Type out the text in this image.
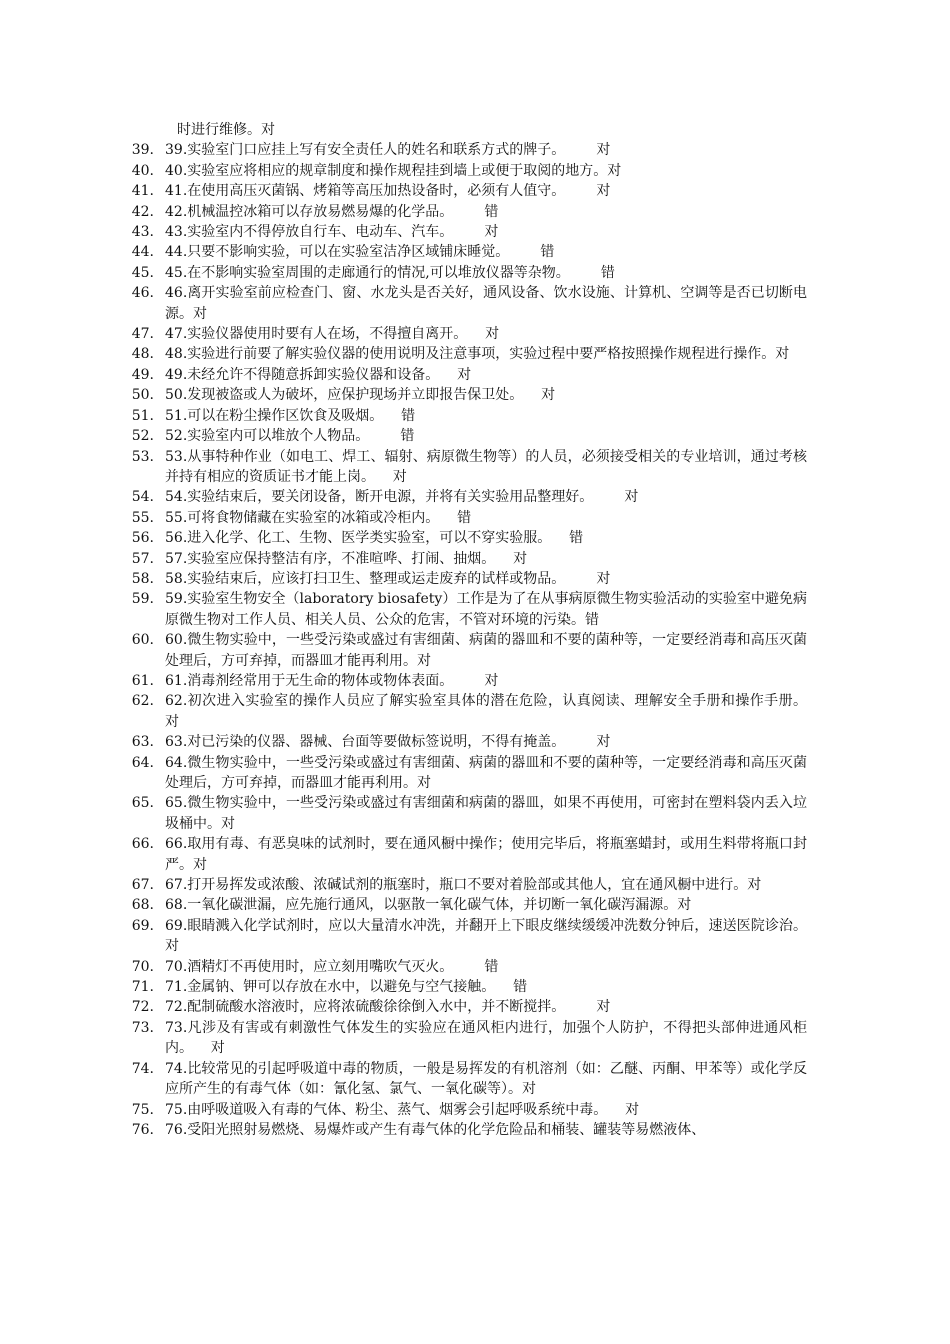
时进行维修。对
39. 39.实验室门口应挂上写有安全责任人的姓名和联系方式的牌子。       对
40. 40.实验室应将相应的规章制度和操作规程挂到墙上或便于取阅的地方。对
41. 41.在使用高压灭菌锅、烤箱等高压加热设备时，必须有人值守。       对
42. 42.机械温控冰箱可以存放易燃易爆的化学品。       错
43. 43.实验室内不得停放自行车、电动车、汽车。       对
44. 44.只要不影响实验，可以在实验室洁净区域铺床睡觉。       错
45. 45.在不影响实验室周围的走廊通行的情况,可以堆放仪器等杂物。       错
46. 46.离开实验室前应检查门、窗、水龙头是否关好，通风设备、饮水设施、计算机、空调等是否已切断电源。对
47. 47.实验仪器使用时要有人在场，不得擅自离开。    对
48. 48.实验进行前要了解实验仪器的使用说明及注意事项，实验过程中要严格按照操作规程进行操作。对
49. 49.未经允许不得随意拆卸实验仪器和设备。    对
50. 50.发现被盗或人为破坏，应保护现场并立即报告保卫处。    对
51. 51.可以在粉尘操作区饮食及吸烟。    错
52. 52.实验室内可以堆放个人物品。       错
53. 53.从事特种作业（如电工、焊工、辐射、病原微生物等）的人员，必须接受相关的专业培训，通过考核并持有相应的资质证书才能上岗。    对
54. 54.实验结束后，要关闭设备，断开电源，并将有关实验用品整理好。       对
55. 55.可将食物储藏在实验室的冰箱或冷柜内。    错
56. 56.进入化学、化工、生物、医学类实验室，可以不穿实验服。    错
57. 57.实验室应保持整洁有序，不准喧哗、打闹、抽烟。    对
58. 58.实验结束后，应该打扫卫生、整理或运走废弃的试样或物品。       对
59. 59.实验室生物安全（laboratory biosafety）工作是为了在从事病原微生物实验活动的实验室中避免病原微生物对工作人员、相关人员、公众的危害，不管对环境的污染。错
60. 60.微生物实验中，一些受污染或盛过有害细菌、病菌的器皿和不要的菌种等，一定要经消毒和高压灭菌处理后，方可弃掉，而器皿才能再利用。对
61. 61.消毒剂经常用于无生命的物体或物体表面。       对
62. 62.初次进入实验室的操作人员应了解实验室具体的潜在危险，认真阅读、理解安全手册和操作手册。    对
63. 63.对已污染的仪器、器械、台面等要做标签说明，不得有掩盖。       对
64. 64.微生物实验中，一些受污染或盛过有害细菌、病菌的器皿和不要的菌种等，一定要经消毒和高压灭菌处理后，方可弃掉，而器皿才能再利用。对
65. 65.微生物实验中，一些受污染或盛过有害细菌和病菌的器皿，如果不再使用，可密封在塑料袋内丢入垃圾桶中。对
66. 66.取用有毒、有恶臭味的试剂时，要在通风橱中操作；使用完毕后，将瓶塞蜡封，或用生料带将瓶口封严。对
67. 67.打开易挥发或浓酸、浓碱试剂的瓶塞时，瓶口不要对着脸部或其他人，宜在通风橱中进行。对
68. 68.一氧化碳泄漏，应先施行通风，以驱散一氧化碳气体，并切断一氧化碳泻漏源。对
69. 69.眼睛溅入化学试剂时，应以大量清水冲洗，并翻开上下眼皮继续缓缓冲洗数分钟后，速送医院诊治。    对
70. 70.酒精灯不再使用时，应立刻用嘴吹气灭火。       错
71. 71.金属钠、钾可以存放在水中，以避免与空气接触。    错
72. 72.配制硫酸水溶液时，应将浓硫酸徐徐倒入水中，并不断搅拌。       对
73. 73.凡涉及有害或有刺激性气体发生的实验应在通风柜内进行，加强个人防护，不得把头部伸进通风柜内。    对
74. 74.比较常见的引起呼吸道中毒的物质，一般是易挥发的有机溶剂（如：乙醚、丙酮、甲苯等）或化学反应所产生的有毒气体（如：氰化氢、氯气、一氧化碳等）。对
75. 75.由呼吸道吸入有毒的气体、粉尘、蒸气、烟雾会引起呼吸系统中毒。    对
76. 76.受阳光照射易燃烧、易爆炸或产生有毒气体的化学危险品和桶装、罐装等易燃液体、
